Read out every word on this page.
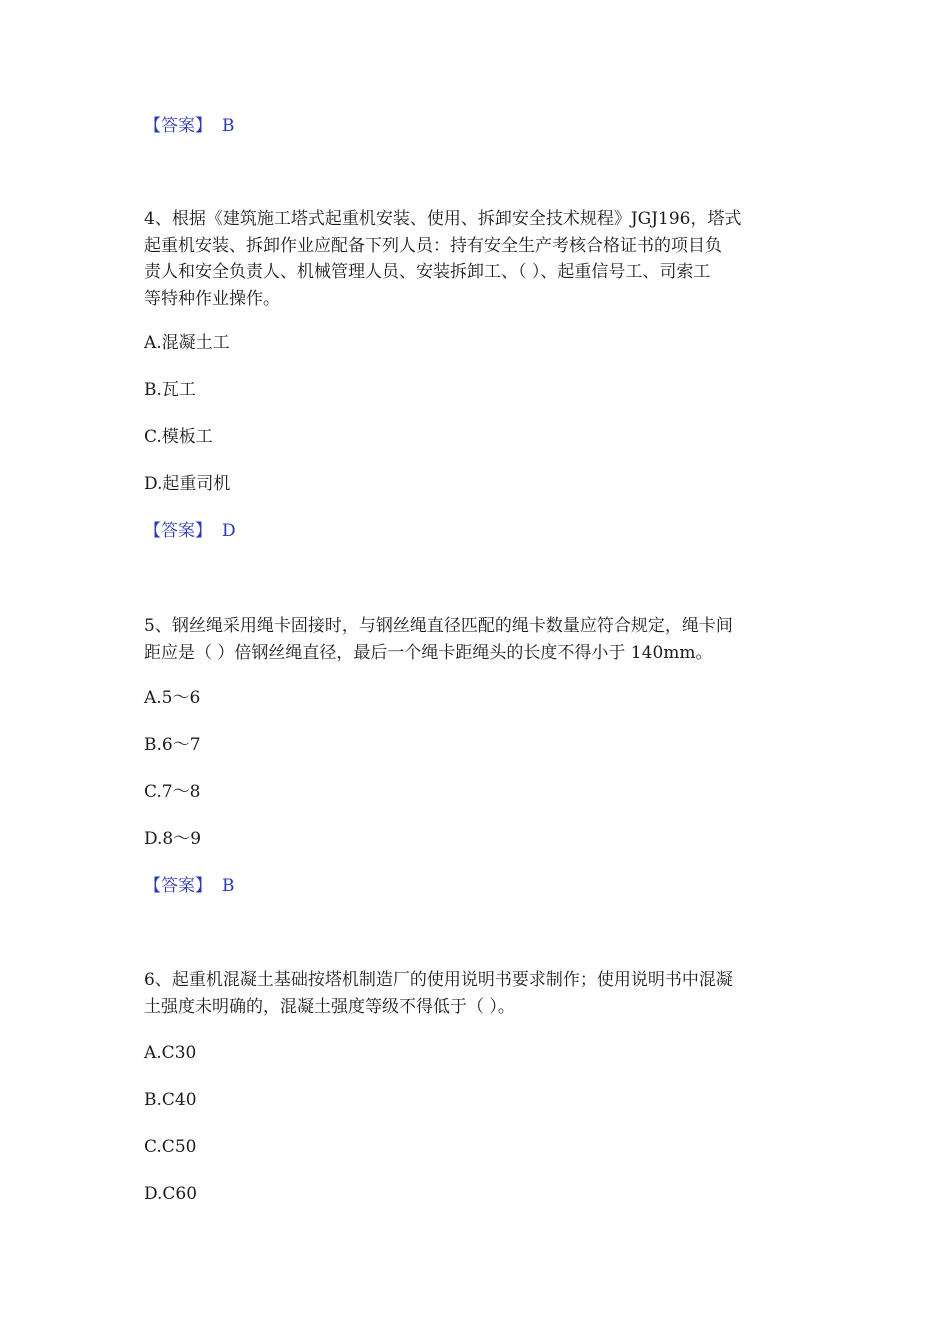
【答案】 B
4、根据《建筑施工塔式起重机安装、使用、拆卸安全技术规程》JGJ196，塔式
起重机安装、拆卸作业应配备下列人员：持有安全生产考核合格证书的项目负
责人和安全负责人、机械管理人员、安装拆卸工、（ ）、起重信号工、司索工
等特种作业操作。
A.混凝土工
B.瓦工
C.模板工
D.起重司机
【答案】 D
5、钢丝绳采用绳卡固接时，与钢丝绳直径匹配的绳卡数量应符合规定，绳卡间
距应是（ ）倍钢丝绳直径，最后一个绳卡距绳头的长度不得小于 140mm。
A.5～6
B.6～7
C.7～8
D.8～9
【答案】 B
6、起重机混凝土基础按塔机制造厂的使用说明书要求制作；使用说明书中混凝
土强度未明确的，混凝土强度等级不得低于（ ）。
A.C30
B.C40
C.C50
D.C60
